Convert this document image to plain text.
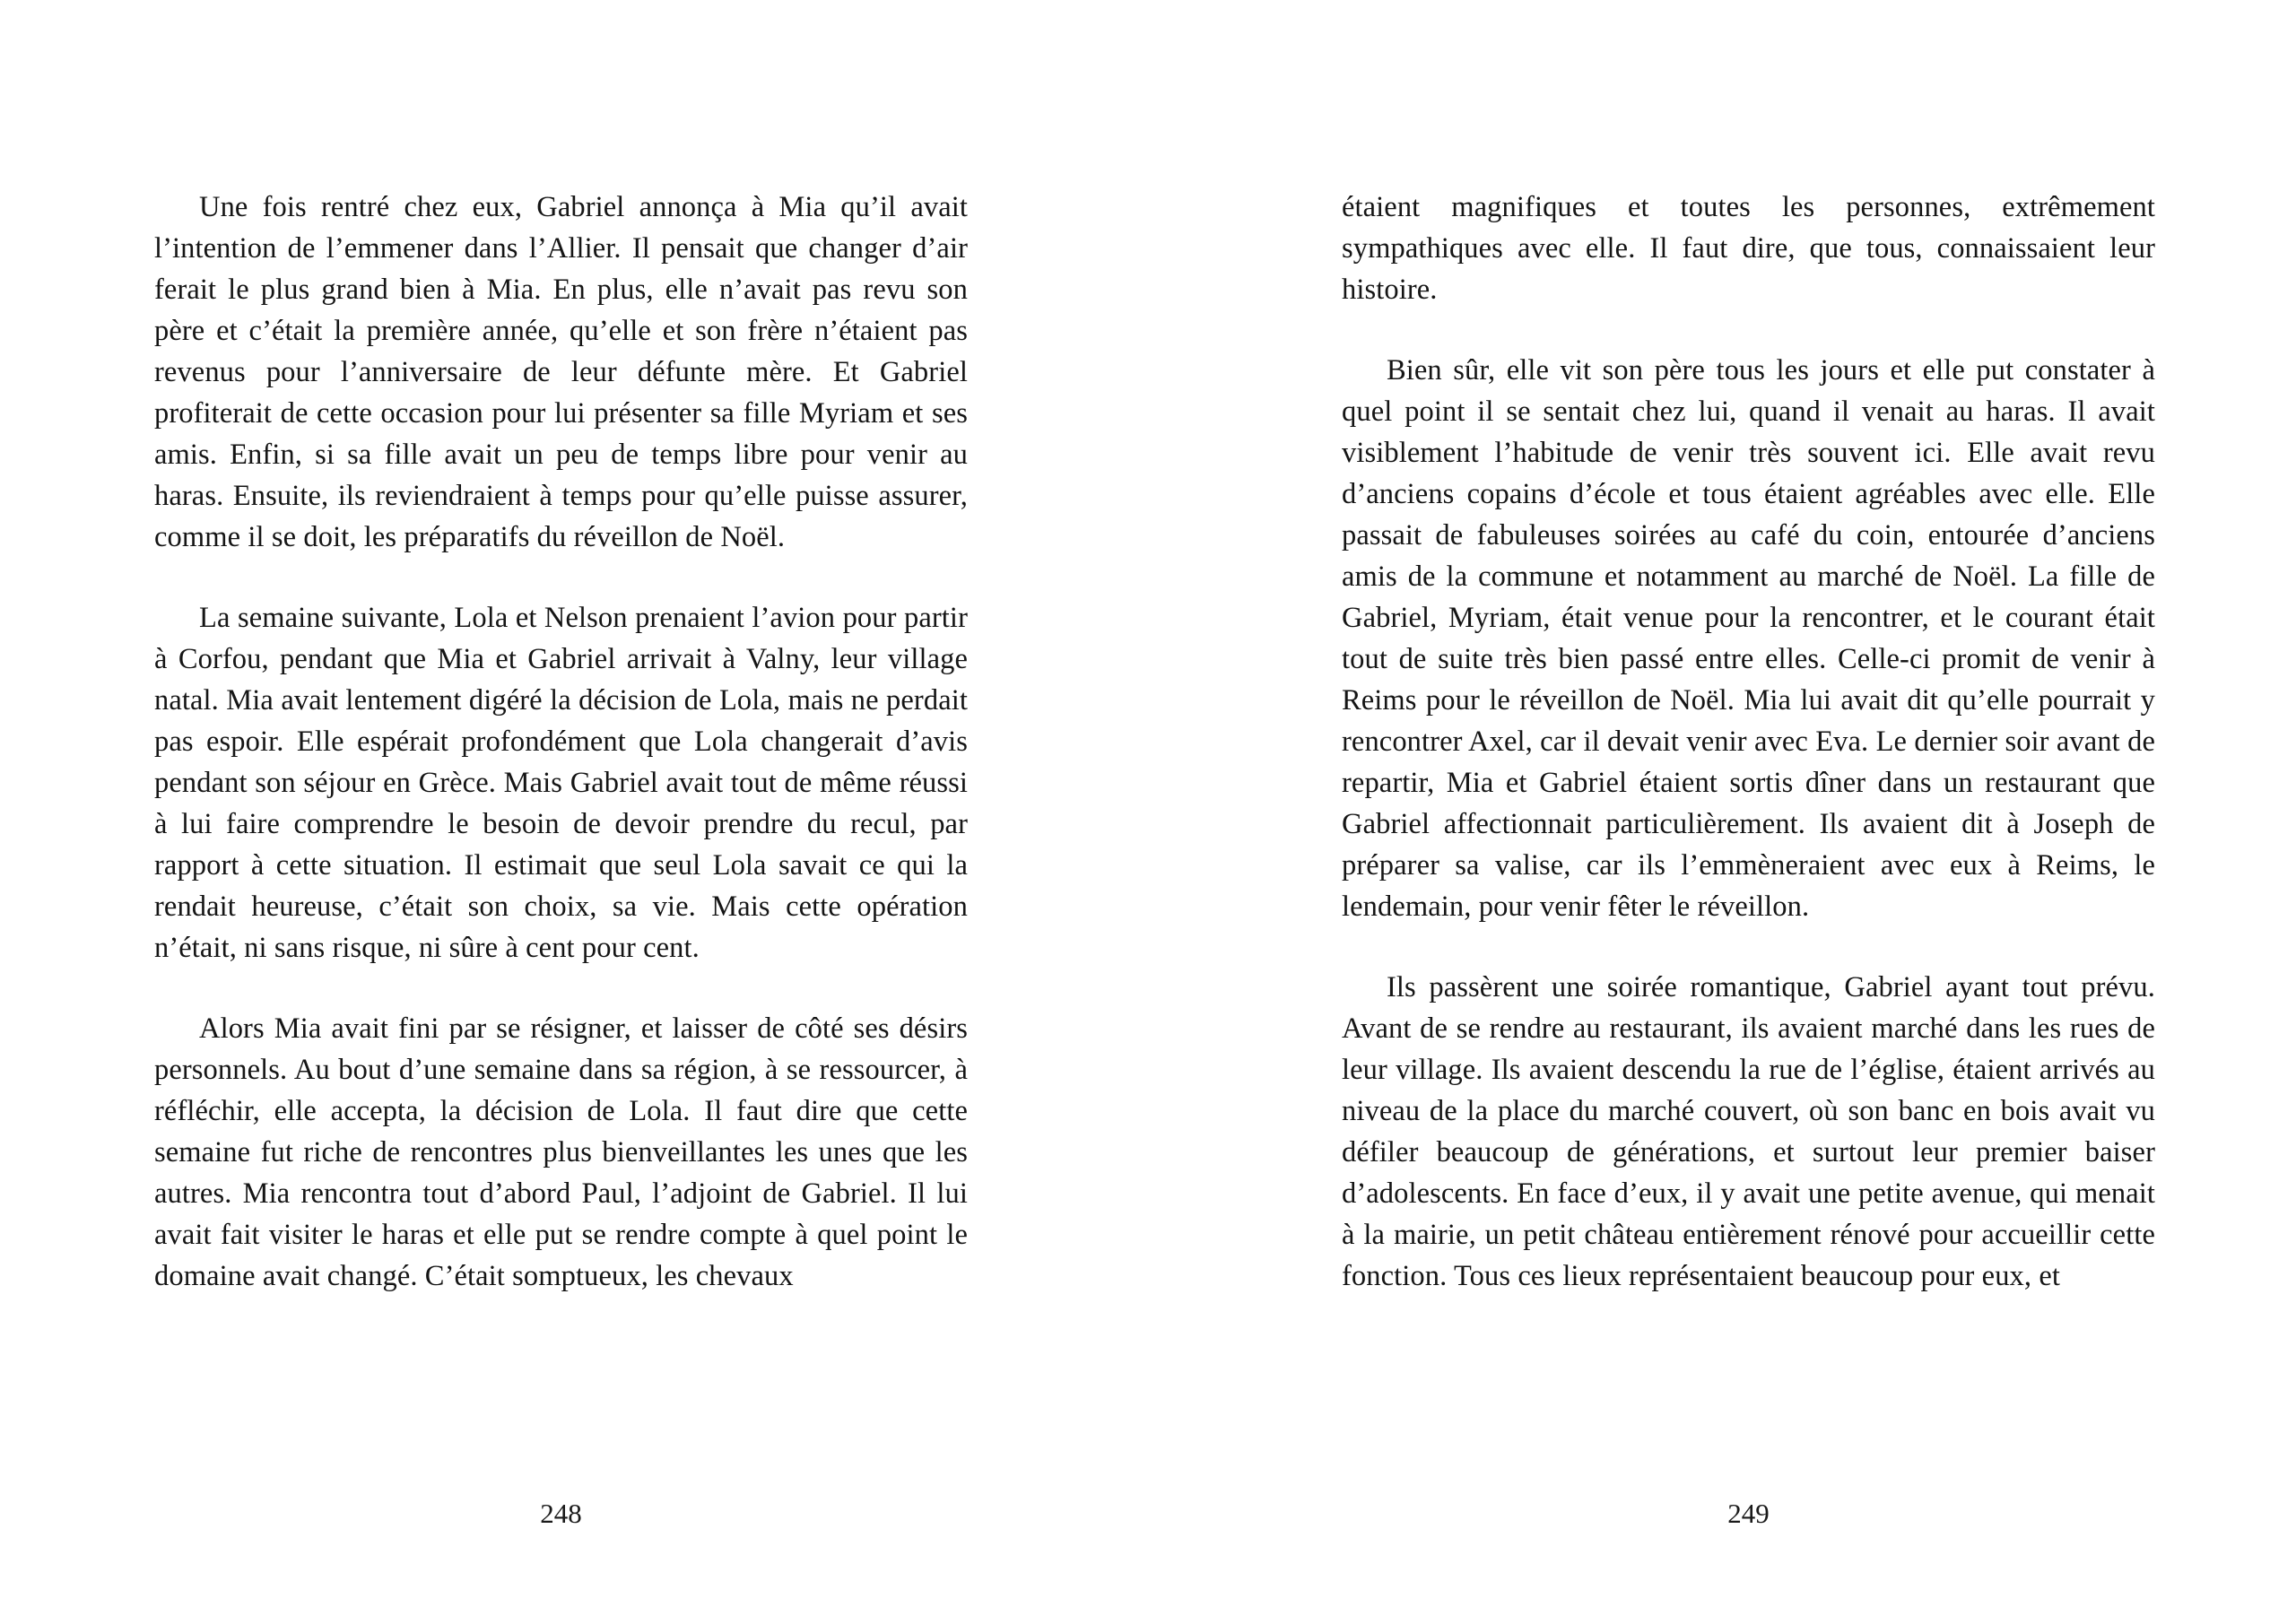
Une fois rentré chez eux, Gabriel annonça à Mia qu’il avait l’intention de l’emmener dans l’Allier. Il pensait que changer d’air ferait le plus grand bien à Mia. En plus, elle n’avait pas revu son père et c’était la première année, qu’elle et son frère n’étaient pas revenus pour l’anniversaire de leur défunte mère. Et Gabriel profiterait de cette occasion pour lui présenter sa fille Myriam et ses amis. Enfin, si sa fille avait un peu de temps libre pour venir au haras. Ensuite, ils reviendraient à temps pour qu’elle puisse assurer, comme il se doit, les préparatifs du réveillon de Noël.

La semaine suivante, Lola et Nelson prenaient l’avion pour partir à Corfou, pendant que Mia et Gabriel arrivait à Valny, leur village natal. Mia avait lentement digéré la décision de Lola, mais ne perdait pas espoir. Elle espérait profondément que Lola changerait d’avis pendant son séjour en Grèce. Mais Gabriel avait tout de même réussi à lui faire comprendre le besoin de devoir prendre du recul, par rapport à cette situation. Il estimait que seul Lola savait ce qui la rendait heureuse, c’était son choix, sa vie. Mais cette opération n’était, ni sans risque, ni sûre à cent pour cent.

Alors Mia avait fini par se résigner, et laisser de côté ses désirs personnels. Au bout d’une semaine dans sa région, à se ressourcer, à réfléchir, elle accepta, la décision de Lola. Il faut dire que cette semaine fut riche de rencontres plus bienveillantes les unes que les autres. Mia rencontra tout d’abord Paul, l’adjoint de Gabriel. Il lui avait fait visiter le haras et elle put se rendre compte à quel point le domaine avait changé. C’était somptueux, les chevaux

248

étaient magnifiques et toutes les personnes, extrêmement sympathiques avec elle. Il faut dire, que tous, connaissaient leur histoire.

Bien sûr, elle vit son père tous les jours et elle put constater à quel point il se sentait chez lui, quand il venait au haras. Il avait visiblement l’habitude de venir très souvent ici. Elle avait revu d’anciens copains d’école et tous étaient agréables avec elle. Elle passait de fabuleuses soirées au café du coin, entourée d’anciens amis de la commune et notamment au marché de Noël. La fille de Gabriel, Myriam, était venue pour la rencontrer, et le courant était tout de suite très bien passé entre elles. Celle-ci promit de venir à Reims pour le réveillon de Noël. Mia lui avait dit qu’elle pourrait y rencontrer Axel, car il devait venir avec Eva. Le dernier soir avant de repartir, Mia et Gabriel étaient sortis dîner dans un restaurant que Gabriel affectionnait particulièrement. Ils avaient dit à Joseph de préparer sa valise, car ils l’emmèneraient avec eux à Reims, le lendemain, pour venir fêter le réveillon.

Ils passèrent une soirée romantique, Gabriel ayant tout prévu. Avant de se rendre au restaurant, ils avaient marché dans les rues de leur village. Ils avaient descendu la rue de l’église, étaient arrivés au niveau de la place du marché couvert, où son banc en bois avait vu défiler beaucoup de générations, et surtout leur premier baiser d’adolescents. En face d’eux, il y avait une petite avenue, qui menait à la mairie, un petit château entièrement rénové pour accueillir cette fonction. Tous ces lieux représentaient beaucoup pour eux, et

249
